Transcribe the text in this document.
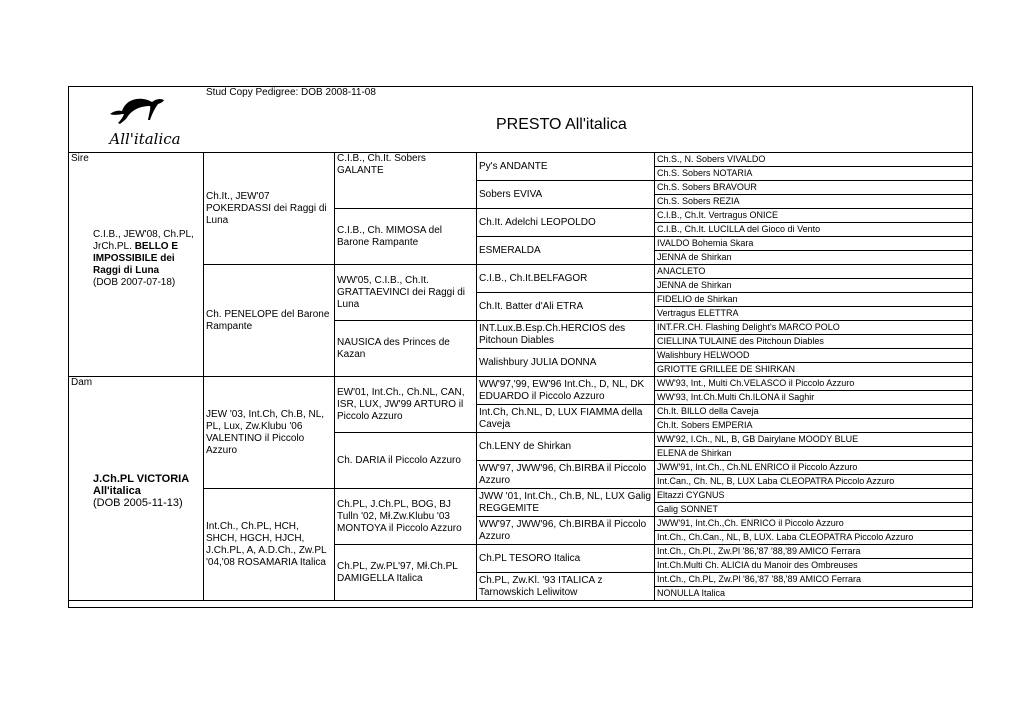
Stud Copy Pedigree: DOB 2008-11-08
All'italica
PRESTO All'italica
Sire
C.I.B., JEW'08, Ch.PL, JrCh.PL. BELLO E IMPOSSIBILE dei Raggi di Luna
(DOB 2007-07-18)	Ch.It., JEW'07 POKERDASSI dei Raggi di Luna	C.I.B., Ch.It. Sobers GALANTE	Py's ANDANTE	Ch.S., N. Sobers VIVALDO
				Ch.S. Sobers NOTARIA
			Sobers EVIVA	Ch.S. Sobers BRAVOUR
				Ch.S. Sobers REZIA
		C.I.B., Ch. MIMOSA del Barone Rampante	Ch.It. Adelchi LEOPOLDO	C.I.B., Ch.It. Vertragus ONICE
				C.I.B., Ch.It. LUCILLA del Gioco di Vento
			ESMERALDA	IVALDO Bohemia Skara
				JENNA de Shirkan
	Ch. PENELOPE del Barone Rampante	WW'05, C.I.B., Ch.It. GRATTAEVINCI dei Raggi di Luna	C.I.B., Ch.It.BELFAGOR	ANACLETO
				JENNA de Shirkan
			Ch.It. Batter d'Ali ETRA	FIDELIO de Shirkan
				Vertragus ELETTRA
		NAUSICA des Princes de Kazan	INT.Lux.B.Esp.Ch.HERCIOS des Pitchoun Diables	INT.FR.CH. Flashing Delight's MARCO POLO
				CIELLINA TULAINE des Pitchoun Diables
			Walishbury JULIA DONNA	Walishbury HELWOOD
				GRIOTTE GRILLEE DE SHIRKAN

Dam
J.Ch.PL VICTORIA All'italica
(DOB 2005-11-13)	JEW '03, Int.Ch, Ch.B, NL, PL, Lux, Zw.Klubu '06 VALENTINO il Piccolo Azzuro	EW'01, Int.Ch., Ch.NL, CAN, ISR, LUX, JW'99 ARTURO il Piccolo Azzuro	WW'97,'99, EW'96 Int.Ch., D, NL, DK EDUARDO il Piccolo Azzuro	WW'93, Int., Multi Ch.VELASCO il Piccolo Azzuro
				WW'93, Int.Ch.Multi Ch.ILONA il Saghir
			Int.Ch, Ch.NL, D, LUX FIAMMA della Caveja	Ch.It. BILLO della Caveja
				Ch.It. Sobers EMPERIA
		Ch. DARIA il Piccolo Azzuro	Ch.LENY de Shirkan	WW'92, I.Ch., NL, B, GB Dairylane MOODY BLUE
				ELENA de Shirkan
			WW'97, JWW'96, Ch.BIRBA il Piccolo Azzuro	JWW'91, Int.Ch., Ch.NL ENRICO il Piccolo Azzuro
				Int.Can., Ch. NL, B, LUX Laba CLEOPATRA Piccolo Azzuro
	Int.Ch., Ch.PL, HCH, SHCH, HGCH, HJCH, J.Ch.PL, A, A.D.Ch., Zw.PL '04,'08 ROSAMARIA Italica	Ch.PL, J.Ch.PL, BOG, BJ Tulln '02, Mł.Zw.Klubu '03 MONTOYA il Piccolo Azzuro	JWW '01, Int.Ch., Ch.B, NL, LUX Galig REGGEMITE	Eltazzi CYGNUS
				Galig SONNET
			WW'97, JWW'96, Ch.BIRBA il Piccolo Azzuro	JWW'91, Int.Ch.,Ch. ENRICO il Piccolo Azzuro
				Int.Ch., Ch.Can., NL, B, LUX. Laba CLEOPATRA Piccolo Azzuro
		Ch.PL, Zw.PL'97, Mł.Ch.PL DAMIGELLA Italica	Ch.PL TESORO Italica	Int.Ch., Ch.Pl., Zw.Pl '86,'87 '88,'89 AMICO Ferrara
				Int.Ch.Multi Ch. ALICIA du Manoir des Ombreuses
			Ch.PL, Zw.Kl. '93 ITALICA z Tarnowskich Leliwitow	Int.Ch., Ch.PL, Zw.Pl '86,'87 '88,'89 AMICO Ferrara
				NONULLA Italica
